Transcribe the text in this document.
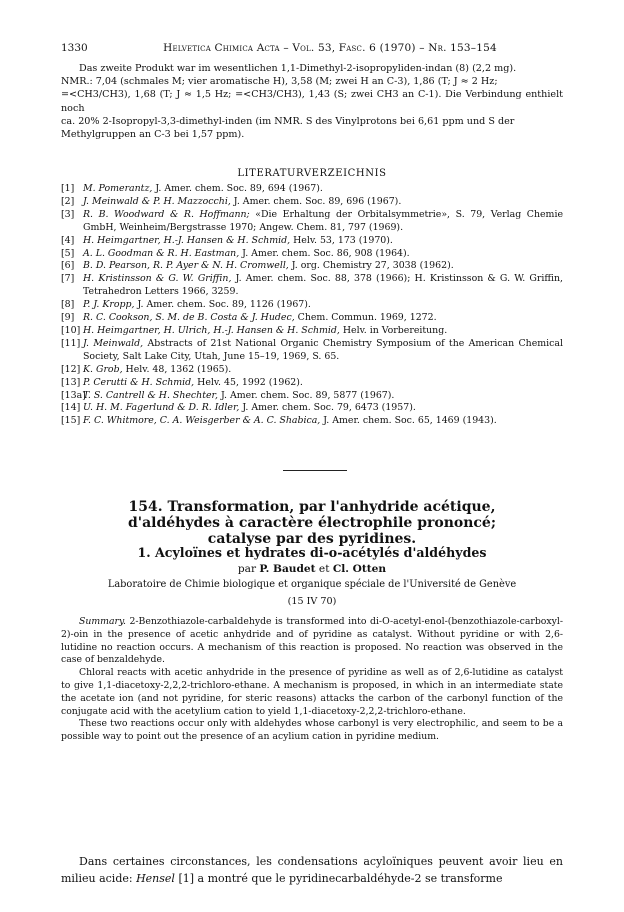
1330	Helvetica Chimica Acta – Vol. 53, Fasc. 6 (1970) – Nr. 153–154
Das zweite Produkt war im wesentlichen 1,1-Dimethyl-2-isopropyliden-indan (8) (2,2 mg).
NMR.: 7,04 (schmales M; vier aromatische H), 3,58 (M; zwei H an C-3), 1,86 (T; J ≈ 2 Hz;
=<CH3/CH3), 1,68 (T; J ≈ 1,5 Hz; =<CH3/CH3), 1,43 (S; zwei CH3 an C-1). Die Verbindung enthielt noch
ca. 20% 2-Isopropyl-3,3-dimethyl-inden (im NMR. S des Vinylprotons bei 6,61 ppm und S der
Methylgruppen an C-3 bei 1,57 ppm).
LITERATURVERZEICHNIS
[1] M. Pomerantz, J. Amer. chem. Soc. 89, 694 (1967).
[2] J. Meinwald & P. H. Mazzocchi, J. Amer. chem. Soc. 89, 696 (1967).
[3] R. B. Woodward & R. Hoffmann; «Die Erhaltung der Orbitalsymmetrie», S. 79, Verlag Chemie GmbH, Weinheim/Bergstrasse 1970; Angew. Chem. 81, 797 (1969).
[4] H. Heimgartner, H.-J. Hansen & H. Schmid, Helv. 53, 173 (1970).
[5] A. L. Goodman & R. H. Eastman, J. Amer. chem. Soc. 86, 908 (1964).
[6] B. D. Pearson, R. P. Ayer & N. H. Cromwell, J. org. Chemistry 27, 3038 (1962).
[7] H. Kristinsson & G. W. Griffin, J. Amer. chem. Soc. 88, 378 (1966); H. Kristinsson & G. W. Griffin, Tetrahedron Letters 1966, 3259.
[8] P. J. Kropp, J. Amer. chem. Soc. 89, 1126 (1967).
[9] R. C. Cookson, S. M. de B. Costa & J. Hudec, Chem. Commun. 1969, 1272.
[10] H. Heimgartner, H. Ulrich, H.-J. Hansen & H. Schmid, Helv. in Vorbereitung.
[11] J. Meinwald, Abstracts of 21st National Organic Chemistry Symposium of the American Chemical Society, Salt Lake City, Utah, June 15–19, 1969, S. 65.
[12] K. Grob, Helv. 48, 1362 (1965).
[13] P. Cerutti & H. Schmid, Helv. 45, 1992 (1962).
[13a]
T. S. Cantrell & H. Shechter, J. Amer. chem. Soc. 89, 5877 (1967).
[14] U. H. M. Fagerlund & D. R. Idler, J. Amer. chem. Soc. 79, 6473 (1957).
[15] F. C. Whitmore, C. A. Weisgerber & A. C. Shabica, J. Amer. chem. Soc. 65, 1469 (1943).
154. Transformation, par l'anhydride acétique,
d'aldéhydes à caractère électrophile prononcé;
catalyse par des pyridines.
1. Acyloïnes et hydrates di-o-acétylés d'aldéhydes
par P. Baudet et Cl. Otten
Laboratoire de Chimie biologique et organique spéciale de l'Université de Genève
(15 IV 70)

Summary. 2-Benzothiazole-carbaldehyde is transformed into di-O-acetyl-enol-(benzothiazole-carboxyl-2)-oin in the presence of acetic anhydride and of pyridine as catalyst. Without pyridine or with 2,6-lutidine no reaction occurs. A mechanism of this reaction is proposed. No reaction was observed in the case of benzaldehyde.

Chloral reacts with acetic anhydride in the presence of pyridine as well as of 2,6-lutidine as catalyst to give 1,1-diacetoxy-2,2,2-trichloro-ethane. A mechanism is proposed, in which in an intermediate state the acetate ion (and not pyridine, for steric reasons) attacks the carbon of the carbonyl function of the conjugate acid with the acetylium cation to yield 1,1-diacetoxy-2,2,2-trichloro-ethane.

These two reactions occur only with aldehydes whose carbonyl is very electrophilic, and seem to be a possible way to point out the presence of an acylium cation in pyridine medium.

Dans certaines circonstances, les condensations acyloïniques peuvent avoir lieu en milieu acide: Hensel [1] a montré que le pyridinecarbaldéhyde-2 se transforme
